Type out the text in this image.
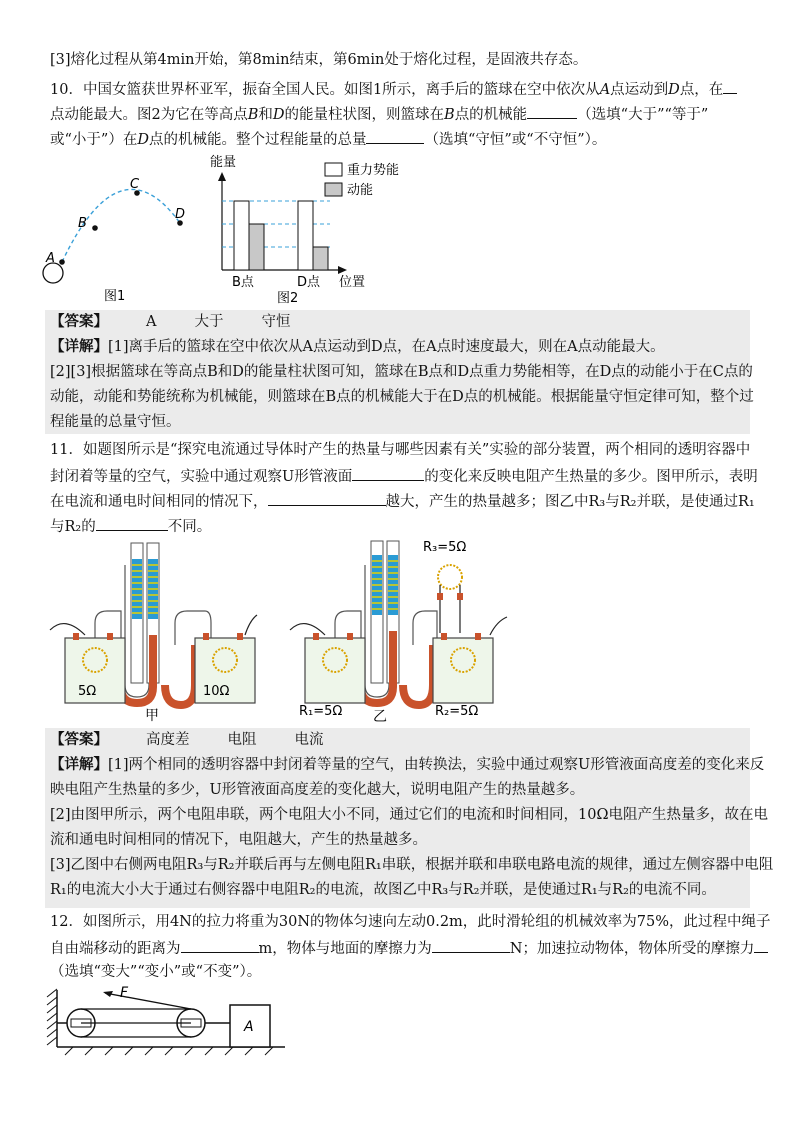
[3]熔化过程从第4min开始，第8min结束，第6min处于熔化过程，是固液共存态。
10．中国女篮获世界杯亚军，振奋全国人民。如图1所示，离手后的篮球在空中依次从A点运动到D点，在
点动能最大。图2为它在等高点B和D的能量柱状图，则篮球在B点的机械能	（选填“大于”“等于”
或“小于”）在D点的机械能。整个过程能量的总量	（选填“守恒”或“不守恒”）。
A
B
C
D
图1
能量
重力势能
动能
B点	D点 位置
图2
【答案】	A	大于	守恒
【详解】[1]离手后的篮球在空中依次从A点运动到D点，在A点时速度最大，则在A点动能最大。
[2][3]根据篮球在等高点B和D的能量柱状图可知，篮球在B点和D点重力势能相等，在D点的动能小于在C点的
动能，动能和势能统称为机械能，则篮球在B点的机械能大于在D点的机械能。根据能量守恒定律可知，整个过
程能量的总量守恒。
11．如题图所示是“探究电流通过导体时产生的热量与哪些因素有关”实验的部分装置，两个相同的透明容器中
封闭着等量的空气，实验中通过观察U形管液面	的变化来反映电阻产生热量的多少。图甲所示，表明
在电流和通电时间相同的情况下，	越大，产生的热量越多；图乙中R₃与R₂并联，是使通过R₁
与R₂的	不同。
5Ω	10Ω
甲
R₃=5Ω
R₁=5Ω 乙	R₂=5Ω
【答案】	高度差	电阻	电流
【详解】[1]两个相同的透明容器中封闭着等量的空气，由转换法，实验中通过观察U形管液面高度差的变化来反
映电阻产生热量的多少，U形管液面高度差的变化越大，说明电阻产生的热量越多。
[2]由图甲所示，两个电阻串联，两个电阻大小不同，通过它们的电流和时间相同，10Ω电阻产生热量多，故在电
流和通电时间相同的情况下，电阻越大，产生的热量越多。
[3]乙图中右侧两电阻R₃与R₂并联后再与左侧电阻R₁串联，根据并联和串联电路电流的规律，通过左侧容器中电阻
R₁的电流大小大于通过右侧容器中电阻R₂的电流，故图乙中R₃与R₂并联，是使通过R₁与R₂的电流不同。
12．如图所示，用4N的拉力将重为30N的物体匀速向左动0.2m，此时滑轮组的机械效率为75%，此过程中绳子
自由端移动的距离为	m，物体与地面的摩擦力为	N；加速拉动物体，物体所受的摩擦力
（选填“变大”“变小”或“不变”）。
F
A
